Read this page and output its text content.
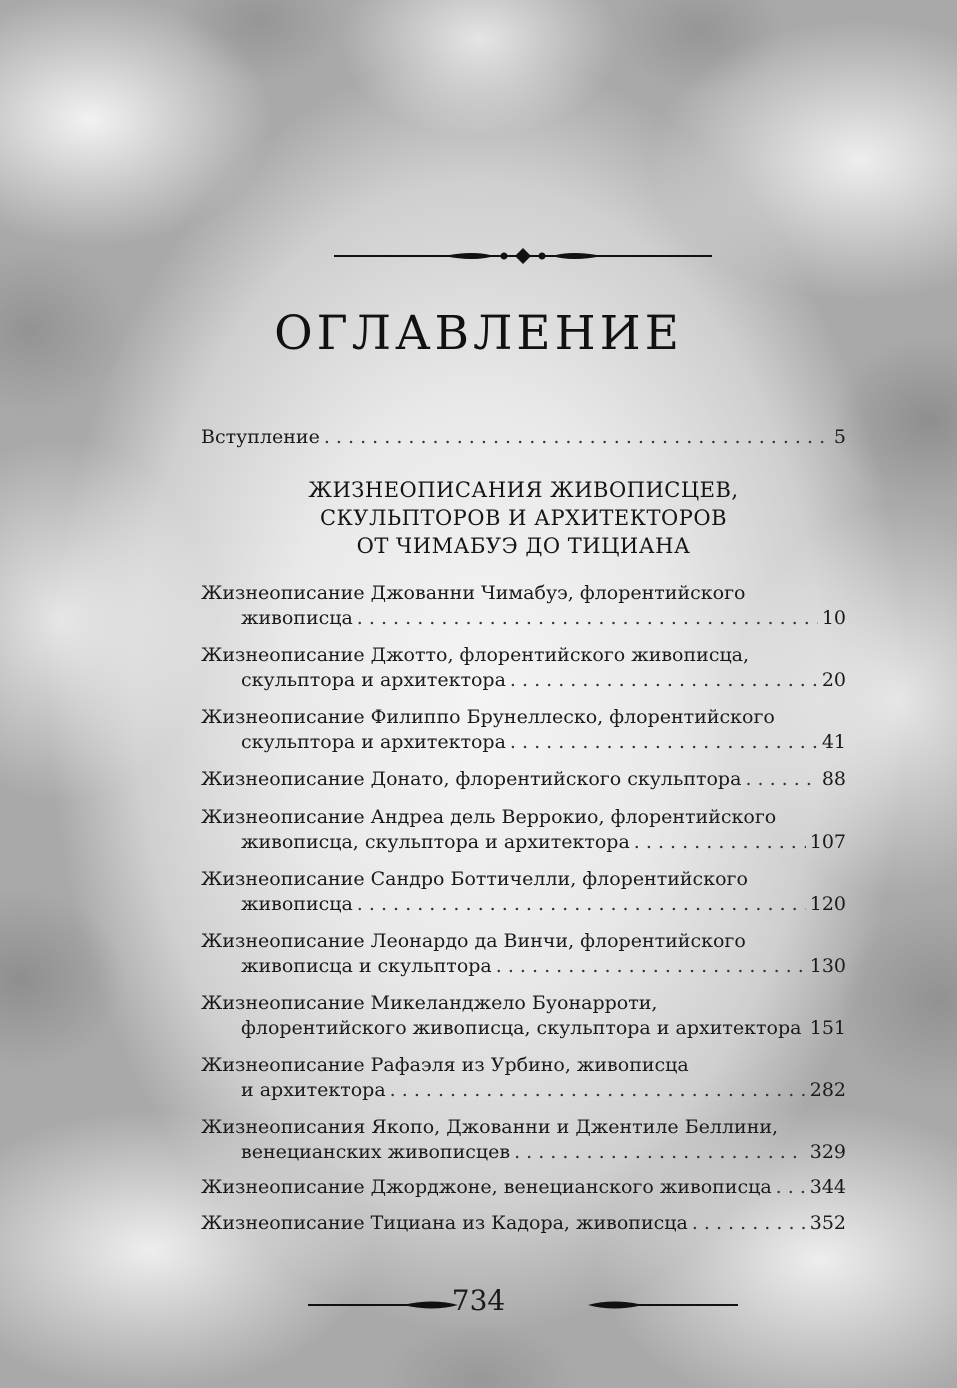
ОГЛАВЛЕНИЕ
Вступление . . .	5
ЖИЗНЕОПИСАНИЯ ЖИВОПИСЦЕВ,
СКУЛЬПТОРОВ И АРХИТЕКТОРОВ
ОТ ЧИМАБУЭ ДО ТИЦИАНА
Жизнеописание Джованни Чимабуэ, флорентийского
живописца . . .	10
Жизнеописание Джотто, флорентийского живописца,
скульптора и архитектора . . .	20
Жизнеописание Филиппо Брунеллеско, флорентийского
скульптора и архитектора . . .	41
Жизнеописание Донато, флорентийского скульптора . . .	88
Жизнеописание Андреа дель Веррокио, флорентийского
живописца, скульптора и архитектора . . .	107
Жизнеописание Сандро Боттичелли, флорентийского
живописца . . .	120
Жизнеописание Леонардо да Винчи, флорентийского
живописца и скульптора . . .	130
Жизнеописание Микеланджело Буонарроти,
флорентийского живописца, скульптора и архитектора . . . 151
Жизнеописание Рафаэля из Урбино, живописца
и архитектора . . .	282
Жизнеописания Якопо, Джованни и Джентиле Беллини,
венецианских живописцев . . .	329
Жизнеописание Джорджоне, венецианского живописца . . . 344
Жизнеописание Тициана из Кадора, живописца . . .	352
734
